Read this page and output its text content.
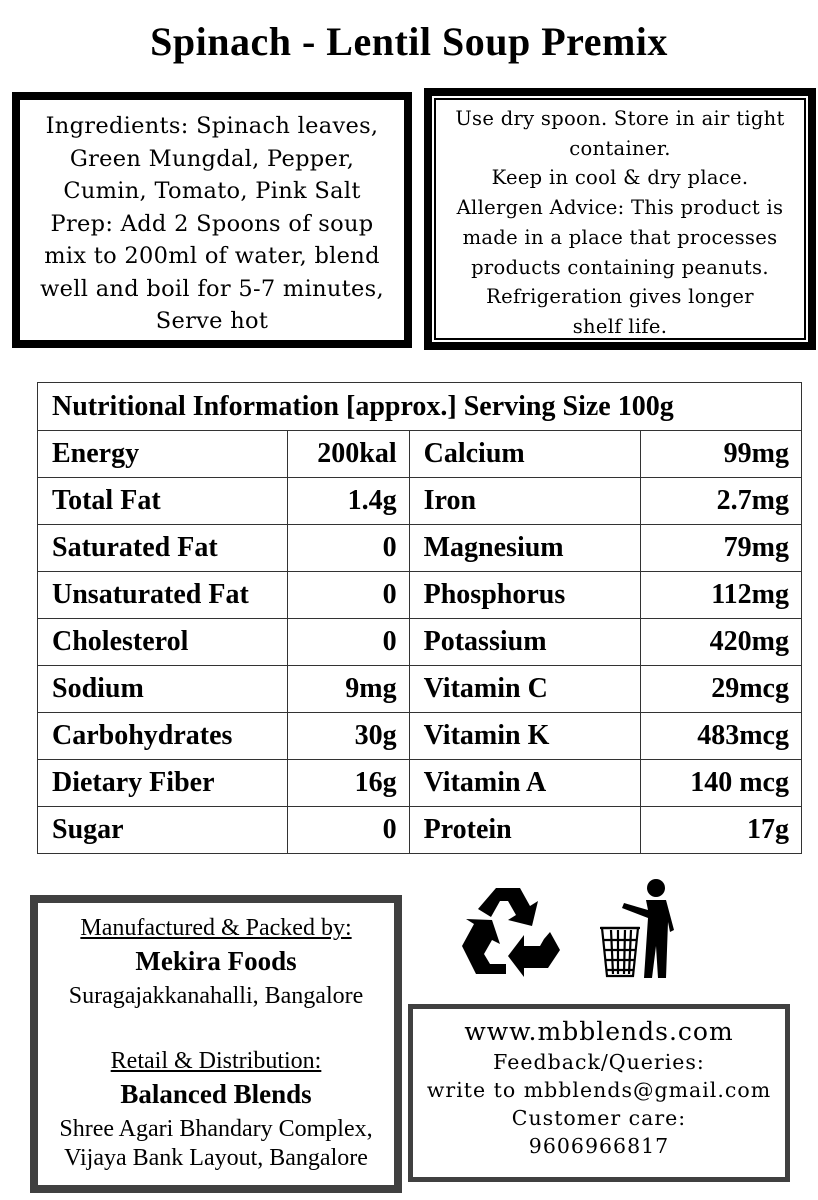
Spinach - Lentil Soup Premix
Ingredients: Spinach leaves,
Green Mungdal, Pepper,
Cumin, Tomato, Pink Salt
Prep: Add 2 Spoons of soup
mix to 200ml of water, blend
well and boil for 5-7 minutes,
Serve hot
Use dry spoon. Store in air tight
container.
Keep in cool & dry place.
Allergen Advice: This product is
made in a place that processes
products containing peanuts.
Refrigeration gives longer
shelf life.
Nutritional Information [approx.] Serving Size 100g			
Energy	200kal	Calcium	99mg
Total Fat	1.4g	Iron	2.7mg
Saturated Fat	0	Magnesium	79mg
Unsaturated Fat	0	Phosphorus	112mg
Cholesterol	0	Potassium	420mg
Sodium	9mg	Vitamin C	29mcg
Carbohydrates	30g	Vitamin K	483mcg
Dietary Fiber	16g	Vitamin A	140 mcg
Sugar	0	Protein	17g
Manufactured & Packed by:
Mekira Foods
Suragajakkanahalli, Bangalore
Retail & Distribution:
Balanced Blends
Shree Agari Bhandary Complex,
Vijaya Bank Layout, Bangalore
www.mbblends.com
Feedback/Queries:
write to mbblends@gmail.com
Customer care:
9606966817
